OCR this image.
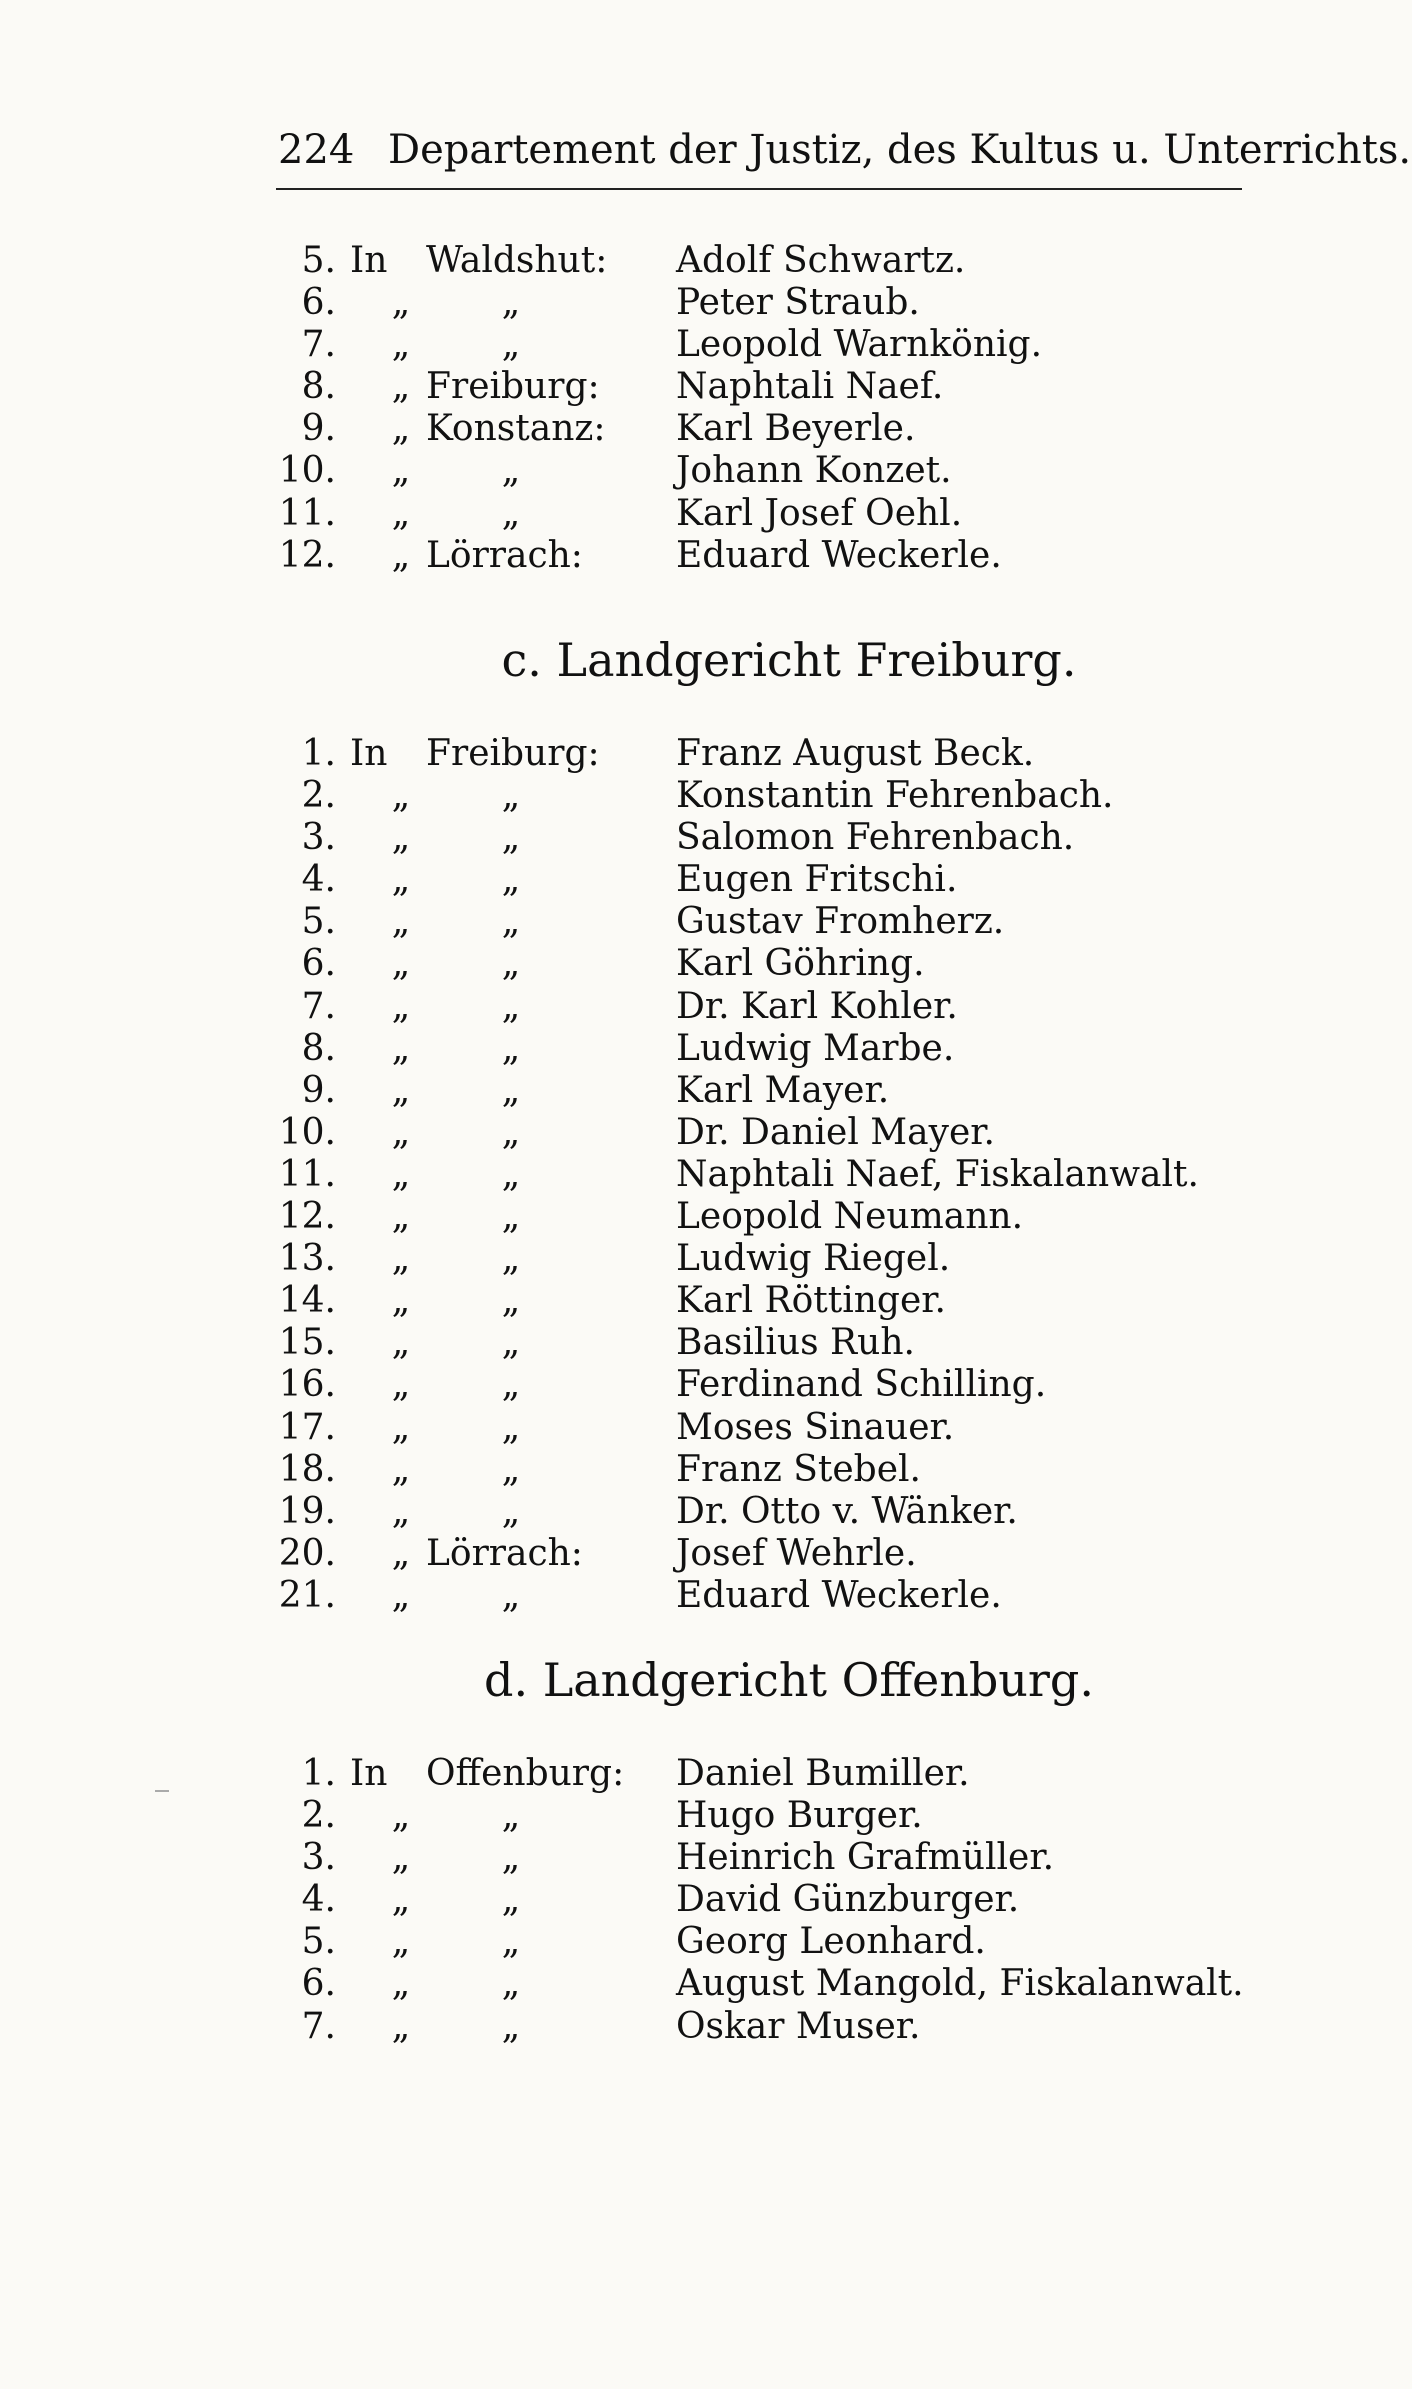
224 Departement der Justiz, des Kultus u. Unterrichts.
5. In Waldshut: Adolf Schwartz.
6. „	„	Peter Straub.
7. „	„	Leopold Warnkönig.
8. „ Freiburg: Naphtali Naef.
9. „ Konstanz: Karl Beyerle.
10. „	„	Johann Konzet.
11. „	„	Karl Josef Oehl.
12. „ Lörrach:	Eduard Weckerle.
c. Landgericht Freiburg.
1. In Freiburg: Franz August Beck.
2. „	„	Konstantin Fehrenbach.
3. „	„	Salomon Fehrenbach.
4. „	„	Eugen Fritschi.
5. „	„	Gustav Fromherz.
6. „	„	Karl Göhring.
7. „	„	Dr. Karl Kohler.
8. „	„	Ludwig Marbe.
9. „	„	Karl Mayer.
10. „	„	Dr. Daniel Mayer.
11. „	„	Naphtali Naef, Fiskalanwalt.
12. „	„	Leopold Neumann.
13. „	„	Ludwig Riegel.
14. „	„	Karl Röttinger.
15. „	„	Basilius Ruh.
16. „	„	Ferdinand Schilling.
17. „	„	Moses Sinauer.
18. „	„	Franz Stebel.
19. „	„	Dr. Otto v. Wänker.
20. „ Lörrach:	Josef Wehrle.
21. „	„	Eduard Weckerle.
d. Landgericht Offenburg.
1. In Offenburg: Daniel Bumiller.
2. „	„	Hugo Burger.
3. „	„	Heinrich Grafmüller.
4. „	„	David Günzburger.
5. „	„	Georg Leonhard.
6. „	„	August Mangold, Fiskalanwalt.
7. „	„	Oskar Muser.
